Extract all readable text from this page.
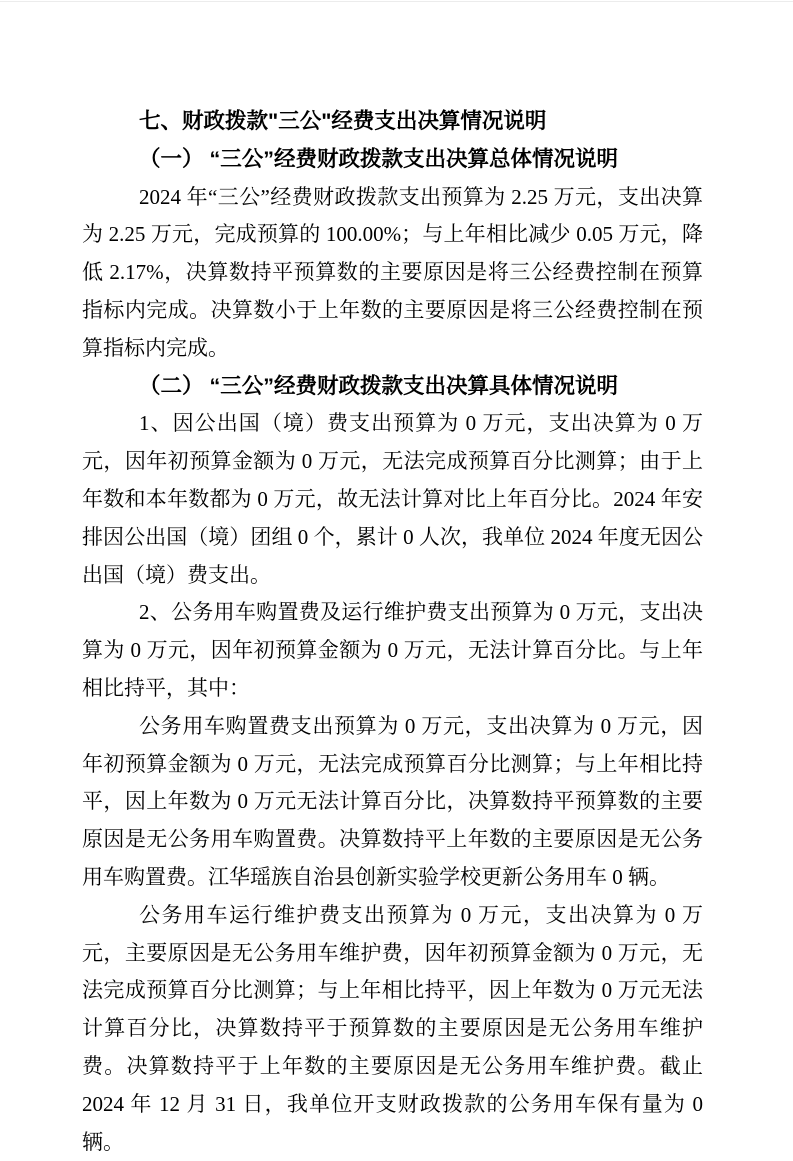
七、财政拨款"三公"经费支出决算情况说明
（一） “三公”经费财政拨款支出决算总体情况说明

2024 年“三公”经费财政拨款支出预算为 2.25 万元，支出决算为 2.25 万元，完成预算的 100.00%；与上年相比减少 0.05 万元，降低 2.17%，决算数持平预算数的主要原因是将三公经费控制在预算指标内完成。决算数小于上年数的主要原因是将三公经费控制在预算指标内完成。

（二） “三公”经费财政拨款支出决算具体情况说明

1、因公出国（境）费支出预算为 0 万元，支出决算为 0 万元，因年初预算金额为 0 万元，无法完成预算百分比测算；由于上年数和本年数都为 0 万元，故无法计算对比上年百分比。2024 年安排因公出国（境）团组 0 个，累计 0 人次，我单位 2024 年度无因公出国（境）费支出。

2、公务用车购置费及运行维护费支出预算为 0 万元，支出决算为 0 万元，因年初预算金额为 0 万元，无法计算百分比。与上年相比持平，其中：

公务用车购置费支出预算为 0 万元，支出决算为 0 万元，因年初预算金额为 0 万元，无法完成预算百分比测算；与上年相比持平，因上年数为 0 万元无法计算百分比，决算数持平预算数的主要原因是无公务用车购置费。决算数持平上年数的主要原因是无公务用车购置费。江华瑶族自治县创新实验学校更新公务用车 0 辆。

公务用车运行维护费支出预算为 0 万元，支出决算为 0 万元，主要原因是无公务用车维护费，因年初预算金额为 0 万元，无法完成预算百分比测算；与上年相比持平，因上年数为 0 万元无法计算百分比，决算数持平于预算数的主要原因是无公务用车维护费。决算数持平于上年数的主要原因是无公务用车维护费。截止 2024 年 12 月 31 日，我单位开支财政拨款的公务用车保有量为 0 辆。
